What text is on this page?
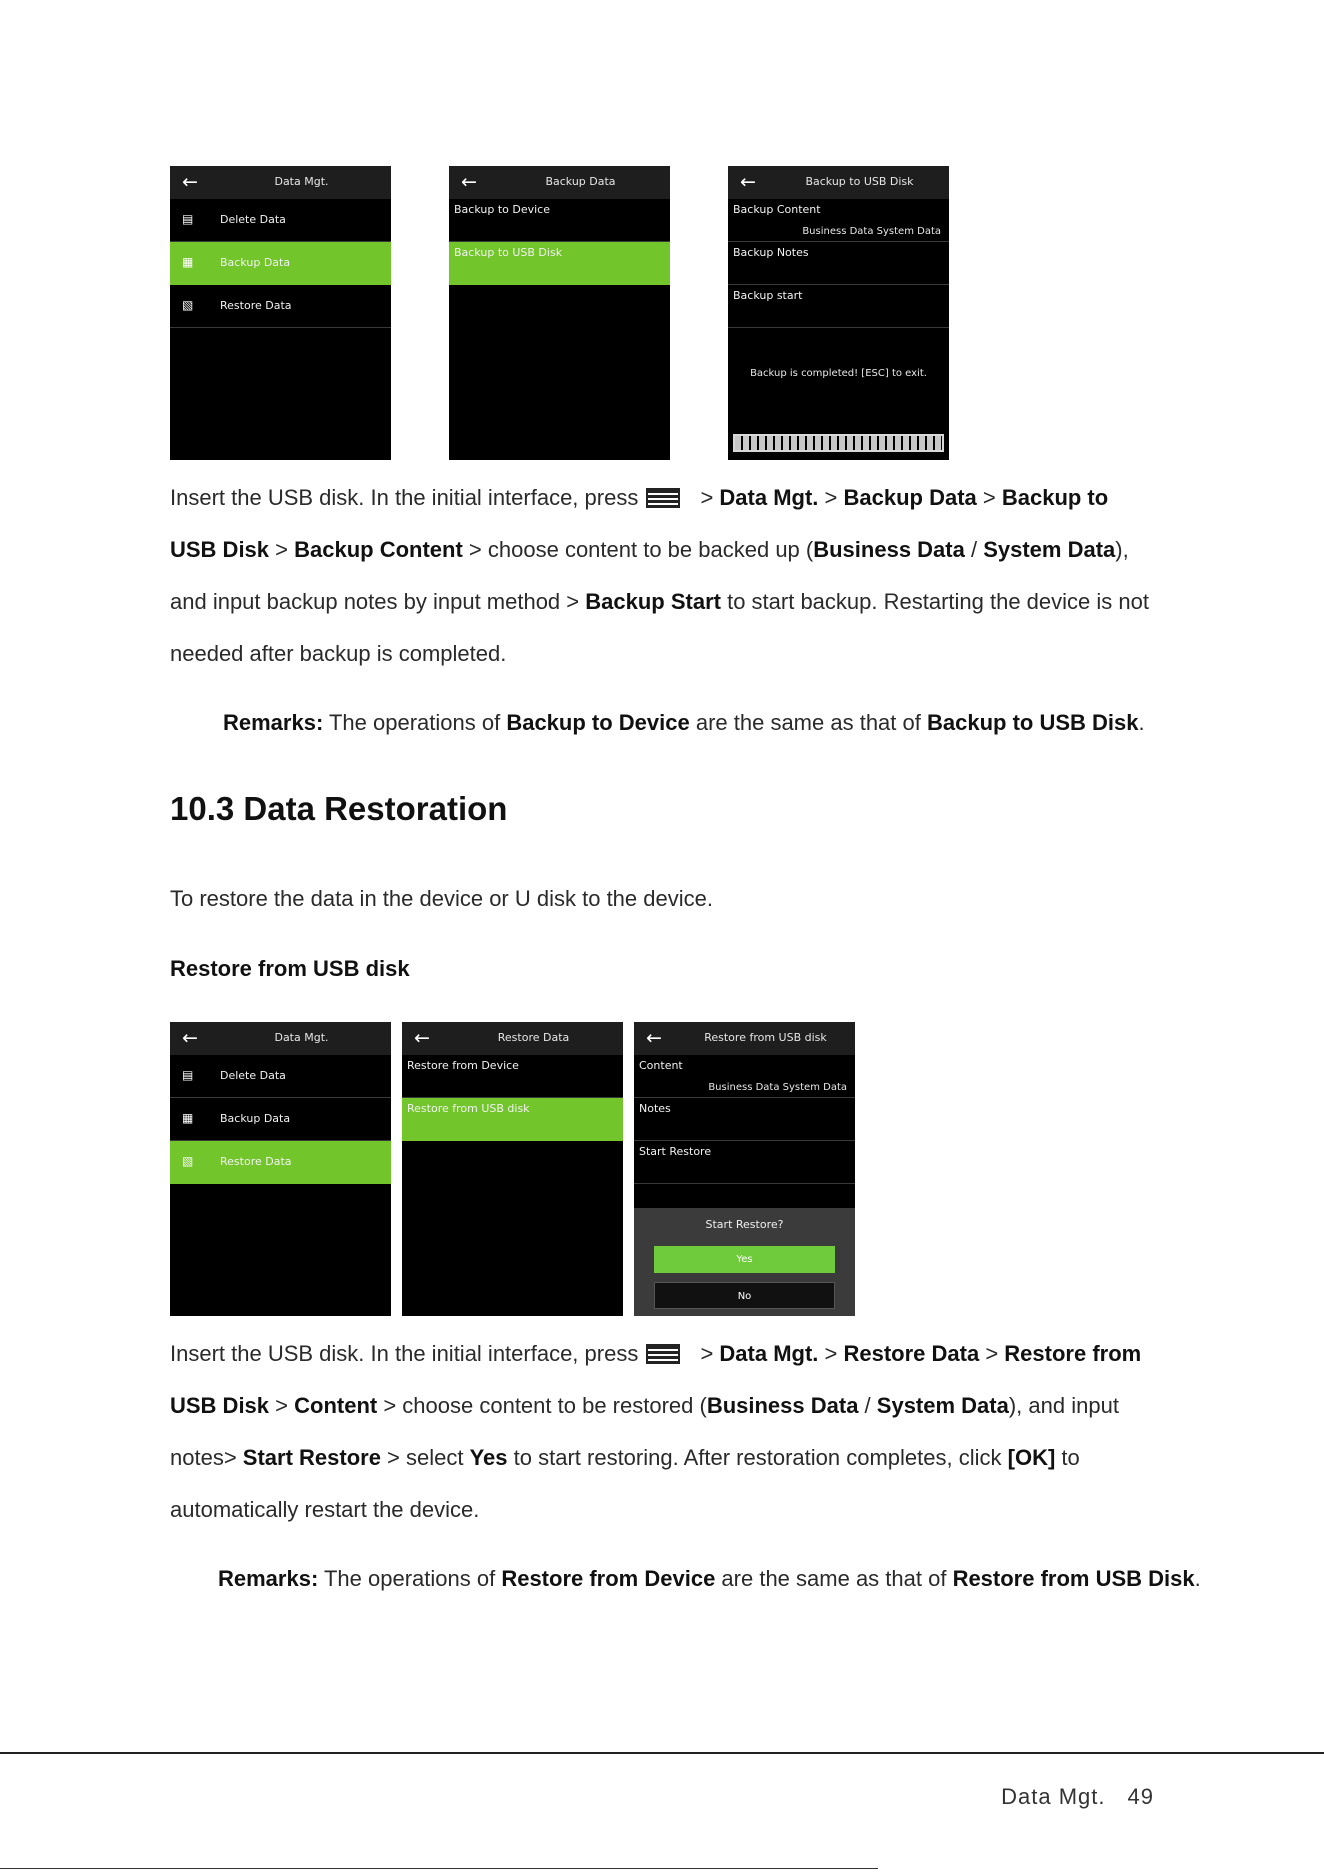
←	Data Mgt.
▤ Delete Data
▦ Backup Data
▧ Restore Data
←	Backup Data
Backup to Device
Backup to USB Disk
←	Backup to USB Disk
Backup Content
Business Data System Data
Backup Notes
Backup start
Backup is completed! [ESC] to exit.
Insert the USB disk. In the initial interface, press	> Data Mgt. > Backup Data > Backup to USB Disk > Backup Content > choose content to be backed up (Business Data / System Data), and input backup notes by input method > Backup Start to start backup. Restarting the device is not needed after backup is completed.
Remarks: The operations of Backup to Device are the same as that of Backup to USB Disk.
10.3 Data Restoration
To restore the data in the device or U disk to the device.
Restore from USB disk
←	Data Mgt.
▤ Delete Data
▦ Backup Data
▧ Restore Data
←	Restore Data
Restore from Device
Restore from USB disk
←	Restore from USB disk
Content
Business Data System Data
Notes
Start Restore
Start Restore?
Yes
No
Insert the USB disk. In the initial interface, press	> Data Mgt. > Restore Data > Restore from USB Disk > Content > choose content to be restored (Business Data / System Data), and input notes> Start Restore > select Yes to start restoring. After restoration completes, click [OK] to automatically restart the device.
Remarks: The operations of Restore from Device are the same as that of Restore from USB Disk.
Data Mgt. 49
